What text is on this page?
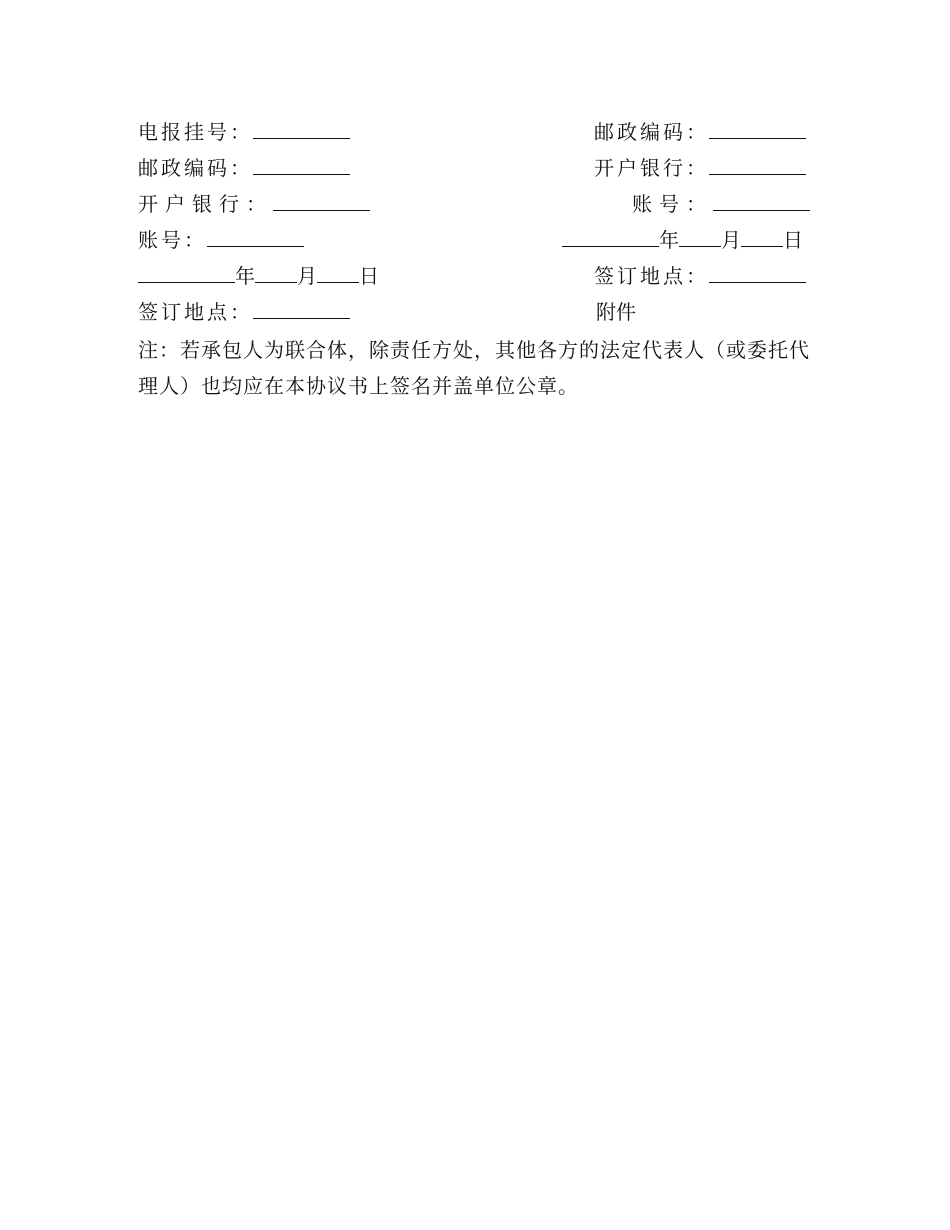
电报挂号：	邮政编码：
邮政编码：	开户银行：
开户银行：	账号：
账号：	年 月 日
年 月 日	签订地点：
签订地点：	附件
注：若承包人为联合体，除责任方处，其他各方的法定代表人（或委托代理人）也均应在本协议书上签名并盖单位公章。
